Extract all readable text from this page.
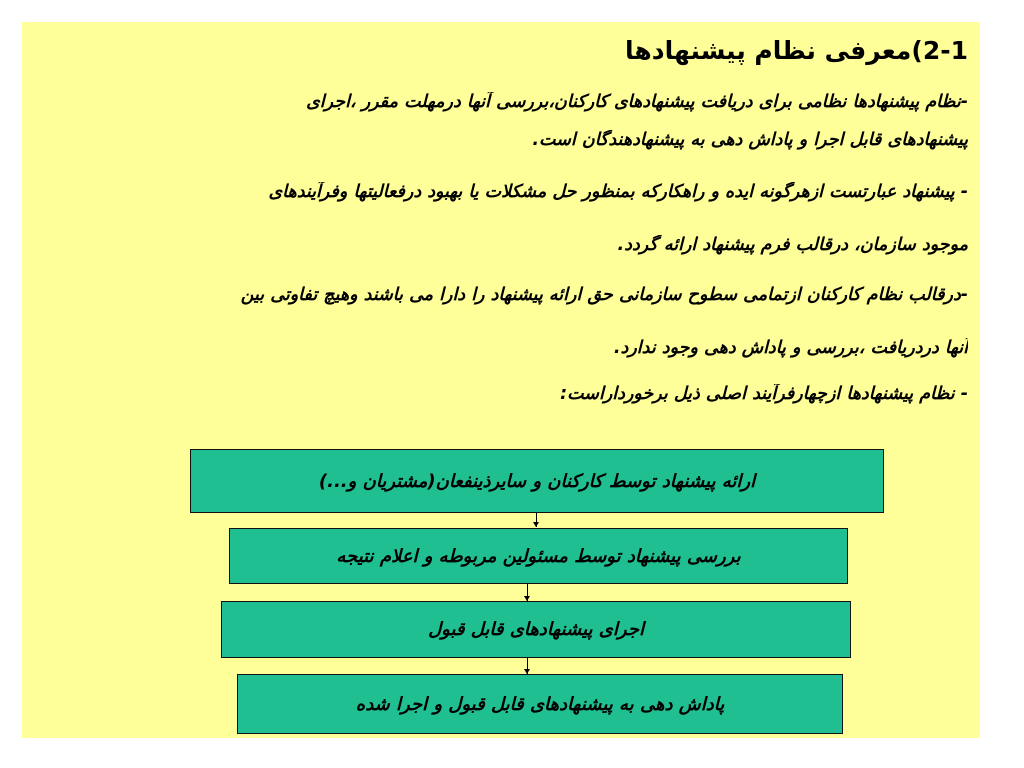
2-1)معرفی نظام پیشنهادها
-نظام پیشنهادها نظامی برای دریافت پیشنهادهای کارکنان،بررسی آنها درمهلت مقرر ،اجرای
پیشنهادهای قابل اجرا و پاداش دهی به پیشنهادهندگان است.
- پیشنهاد عبارتست ازهرگونه ایده و راهکارکه بمنظور حل مشکلات یا بهبود درفعالیتها وفرآیندهای
موجود سازمان، درقالب فرم پیشنهاد ارائه گردد.
-درقالب نظام کارکنان ازتمامی سطوح سازمانی حق ارائه پیشنهاد را دارا می باشند وهیچ تفاوتی بین
آنها دردریافت ،بررسی و پاداش دهی وجود ندارد.
- نظام پیشنهادها ازچهارفرآیند اصلی ذیل برخورداراست:
ارائه پیشنهاد توسط کارکنان و سایرذینفعان(مشتریان و...)
بررسی پیشنهاد توسط مسئولین مربوطه و اعلام نتیجه
اجرای پیشنهادهای قابل قبول
پاداش دهی به پیشنهادهای قابل قبول و اجرا شده
